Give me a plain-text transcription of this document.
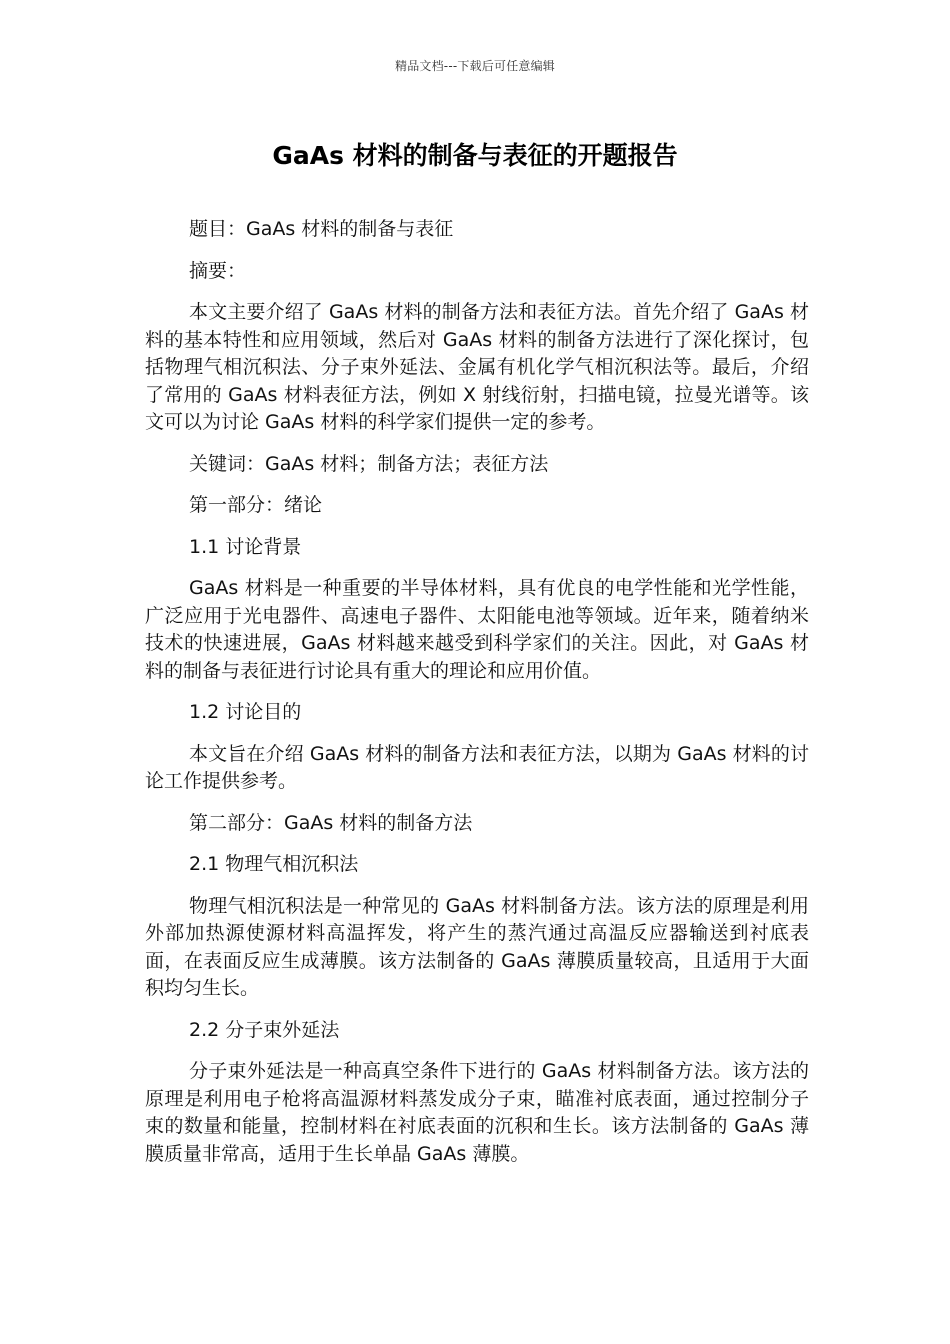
精品文档---下载后可任意编辑
GaAs 材料的制备与表征的开题报告

题目：GaAs 材料的制备与表征

摘要：

本文主要介绍了 GaAs 材料的制备方法和表征方法。首先介绍了 GaAs 材料的基本特性和应用领域，然后对 GaAs 材料的制备方法进行了深化探讨，包括物理气相沉积法、分子束外延法、金属有机化学气相沉积法等。最后，介绍了常用的 GaAs 材料表征方法，例如 X 射线衍射，扫描电镜，拉曼光谱等。该文可以为讨论 GaAs 材料的科学家们提供一定的参考。

关键词：GaAs 材料；制备方法；表征方法

第一部分：绪论

1.1 讨论背景

GaAs 材料是一种重要的半导体材料，具有优良的电学性能和光学性能，广泛应用于光电器件、高速电子器件、太阳能电池等领域。近年来，随着纳米技术的快速进展，GaAs 材料越来越受到科学家们的关注。因此，对 GaAs 材料的制备与表征进行讨论具有重大的理论和应用价值。

1.2 讨论目的

本文旨在介绍 GaAs 材料的制备方法和表征方法，以期为 GaAs 材料的讨论工作提供参考。

第二部分：GaAs 材料的制备方法

2.1 物理气相沉积法

物理气相沉积法是一种常见的 GaAs 材料制备方法。该方法的原理是利用外部加热源使源材料高温挥发，将产生的蒸汽通过高温反应器输送到衬底表面，在表面反应生成薄膜。该方法制备的 GaAs 薄膜质量较高，且适用于大面积均匀生长。

2.2 分子束外延法

分子束外延法是一种高真空条件下进行的 GaAs 材料制备方法。该方法的原理是利用电子枪将高温源材料蒸发成分子束，瞄准衬底表面，通过控制分子束的数量和能量，控制材料在衬底表面的沉积和生长。该方法制备的 GaAs 薄膜质量非常高，适用于生长单晶 GaAs 薄膜。
